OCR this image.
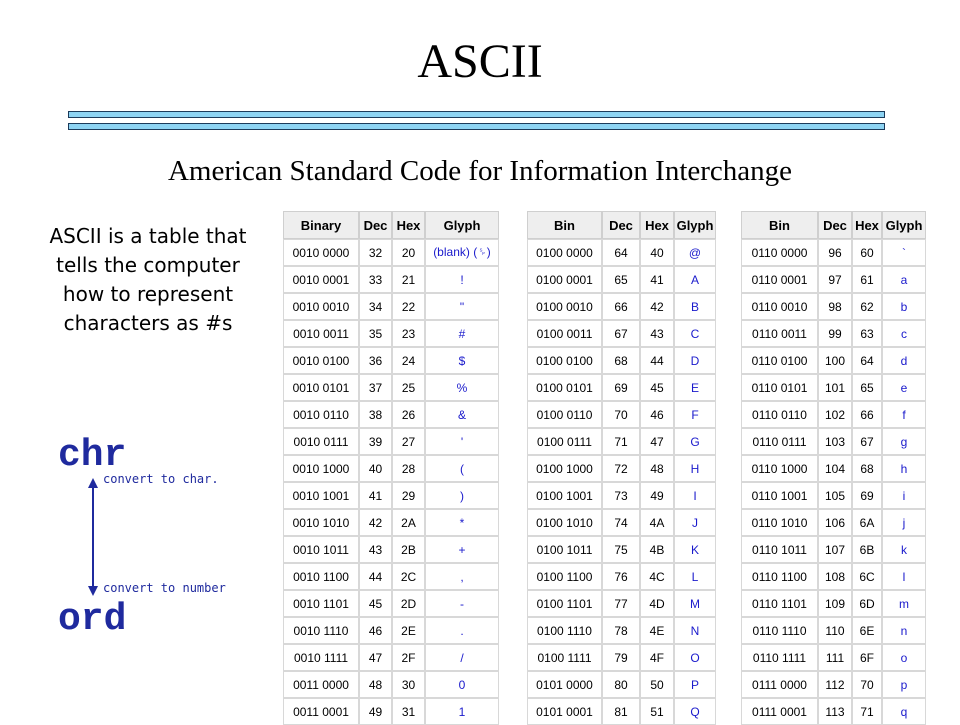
ASCII
American Standard Code for Information Interchange
ASCII is a table that tells the computer how to represent characters as #s
chr
convert to char.
convert to number
ord
Binary	Dec	Hex	Glyph
0010 0000	32	20	(blank) (␠)
0010 0001	33	21	!
0010 0010	34	22	"
0010 0011	35	23	#
0010 0100	36	24	$
0010 0101	37	25	%
0010 0110	38	26	&
0010 0111	39	27	'
0010 1000	40	28	(
0010 1001	41	29	)
0010 1010	42	2A	*
0010 1011	43	2B	+
0010 1100	44	2C	,
0010 1101	45	2D	-
0010 1110	46	2E	.
0010 1111	47	2F	/
0011 0000	48	30	0
0011 0001	49	31	1
Bin	Dec	Hex	Glyph
0100 0000	64	40	@
0100 0001	65	41	A
0100 0010	66	42	B
0100 0011	67	43	C
0100 0100	68	44	D
0100 0101	69	45	E
0100 0110	70	46	F
0100 0111	71	47	G
0100 1000	72	48	H
0100 1001	73	49	I
0100 1010	74	4A	J
0100 1011	75	4B	K
0100 1100	76	4C	L
0100 1101	77	4D	M
0100 1110	78	4E	N
0100 1111	79	4F	O
0101 0000	80	50	P
0101 0001	81	51	Q
Bin	Dec	Hex	Glyph
0110 0000	96	60	`
0110 0001	97	61	a
0110 0010	98	62	b
0110 0011	99	63	c
0110 0100	100	64	d
0110 0101	101	65	e
0110 0110	102	66	f
0110 0111	103	67	g
0110 1000	104	68	h
0110 1001	105	69	i
0110 1010	106	6A	j
0110 1011	107	6B	k
0110 1100	108	6C	l
0110 1101	109	6D	m
0110 1110	110	6E	n
0110 1111	111	6F	o
0111 0000	112	70	p
0111 0001	113	71	q
